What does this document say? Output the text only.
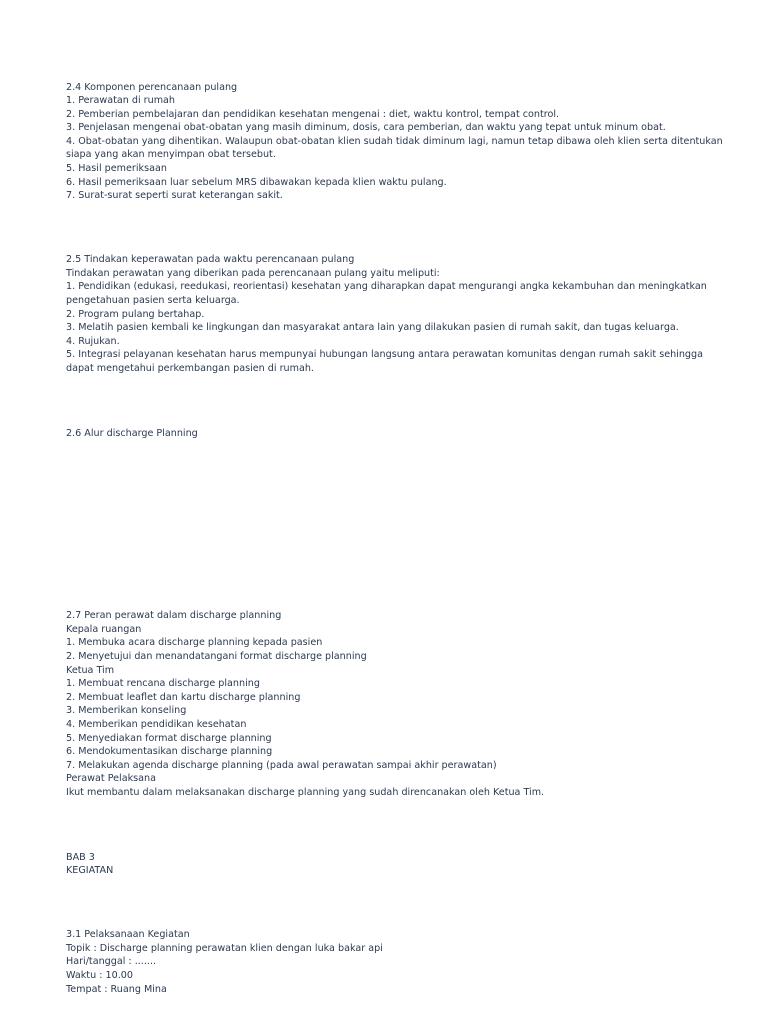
2.4 Komponen perencanaan pulang
1. Perawatan di rumah
2. Pemberian pembelajaran dan pendidikan kesehatan mengenai : diet, waktu kontrol, tempat control.
3. Penjelasan mengenai obat-obatan yang masih diminum, dosis, cara pemberian, dan waktu yang tepat untuk minum obat.
4. Obat-obatan yang dihentikan. Walaupun obat-obatan klien sudah tidak diminum lagi, namun tetap dibawa oleh klien serta ditentukan
siapa yang akan menyimpan obat tersebut.
5. Hasil pemeriksaan
6. Hasil pemeriksaan luar sebelum MRS dibawakan kepada klien waktu pulang.
7. Surat-surat seperti surat keterangan sakit.
2.5 Tindakan keperawatan pada waktu perencanaan pulang
Tindakan perawatan yang diberikan pada perencanaan pulang yaitu meliputi:
1. Pendidikan (edukasi, reedukasi, reorientasi) kesehatan yang diharapkan dapat mengurangi angka kekambuhan dan meningkatkan
pengetahuan pasien serta keluarga.
2. Program pulang bertahap.
3. Melatih pasien kembali ke lingkungan dan masyarakat antara lain yang dilakukan pasien di rumah sakit, dan tugas keluarga.
4. Rujukan.
5. Integrasi pelayanan kesehatan harus mempunyai hubungan langsung antara perawatan komunitas dengan rumah sakit sehingga
dapat mengetahui perkembangan pasien di rumah.
2.6 Alur discharge Planning
2.7 Peran perawat dalam discharge planning
Kepala ruangan
1. Membuka acara discharge planning kepada pasien
2. Menyetujui dan menandatangani format discharge planning
Ketua Tim
1. Membuat rencana discharge planning
2. Membuat leaflet dan kartu discharge planning
3. Memberikan konseling
4. Memberikan pendidikan kesehatan
5. Menyediakan format discharge planning
6. Mendokumentasikan discharge planning
7. Melakukan agenda discharge planning (pada awal perawatan sampai akhir perawatan)
Perawat Pelaksana
Ikut membantu dalam melaksanakan discharge planning yang sudah direncanakan oleh Ketua Tim.
BAB 3
KEGIATAN
3.1 Pelaksanaan Kegiatan
Topik : Discharge planning perawatan klien dengan luka bakar api
Hari/tanggal : .......
Waktu : 10.00
Tempat : Ruang Mina
